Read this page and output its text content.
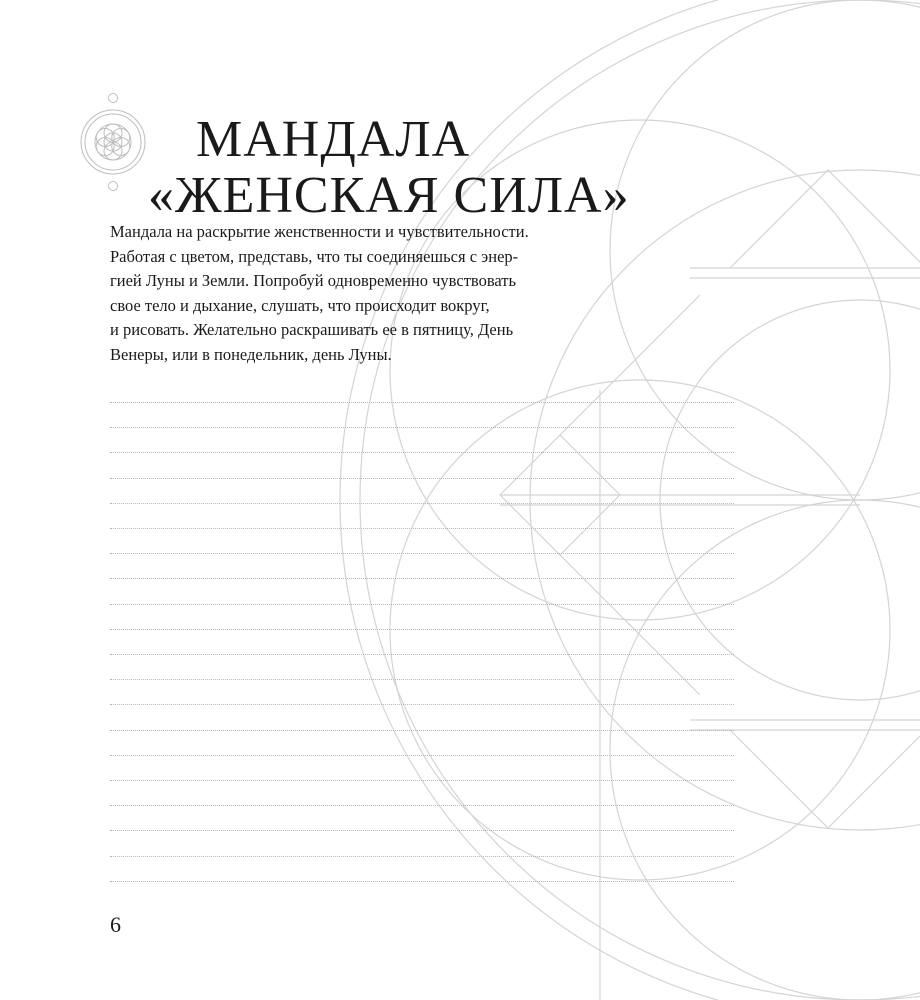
МАНДАЛА
«ЖЕНСКАЯ СИЛА»

Мандала на раскрытие женственности и чувствительности.
Работая с цветом, представь, что ты соединяешься с энер-
гией Луны и Земли. Попробуй одновременно чувствовать
свое тело и дыхание, слушать, что происходит вокруг,
и рисовать. Желательно раскрашивать ее в пятницу, День
Венеры, или в понедельник, день Луны.

6
